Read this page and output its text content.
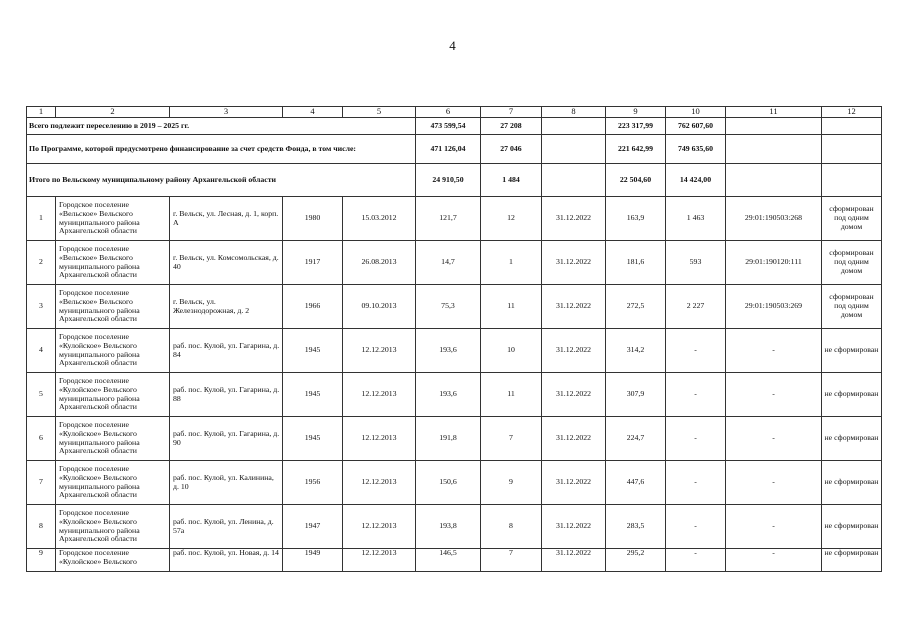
4
1	2	3	4	5	6	7	8	9	10	11	12
Всего подлежит переселению в 2019 – 2025 гг.					473 599,54	27 208		223 317,99	762 607,60		
По Программе, которой предусмотрено финансирование за счет средств Фонда, в том числе:					471 126,04	27 046		221 642,99	749 635,60		
Итого по Вельскому муниципальному району Архангельской области					24 910,50	1 484		22 504,60	14 424,00		
1	Городское поселение «Вельское» Вельского муниципального района Архангельской области	г. Вельск, ул. Лесная, д. 1, корп. А	1980	15.03.2012	121,7	12	31.12.2022	163,9	1 463	29:01:190503:268	сформирован под одним домом
2	Городское поселение «Вельское» Вельского муниципального района Архангельской области	г. Вельск, ул. Комсомольская, д. 40	1917	26.08.2013	14,7	1	31.12.2022	181,6	593	29:01:190120:111	сформирован под одним домом
3	Городское поселение «Вельское» Вельского муниципального района Архангельской области	г. Вельск, ул. Железнодорожная, д. 2	1966	09.10.2013	75,3	11	31.12.2022	272,5	2 227	29:01:190503:269	сформирован под одним домом
4	Городское поселение «Кулойское» Вельского муниципального района Архангельской области	раб. пос. Кулой, ул. Гагарина, д. 84	1945	12.12.2013	193,6	10	31.12.2022	314,2	-	-	не сформирован
5	Городское поселение «Кулойское» Вельского муниципального района Архангельской области	раб. пос. Кулой, ул. Гагарина, д. 88	1945	12.12.2013	193,6	11	31.12.2022	307,9	-	-	не сформирован
6	Городское поселение «Кулойское» Вельского муниципального района Архангельской области	раб. пос. Кулой, ул. Гагарина, д. 90	1945	12.12.2013	191,8	7	31.12.2022	224,7	-	-	не сформирован
7	Городское поселение «Кулойское» Вельского муниципального района Архангельской области	раб. пос. Кулой, ул. Калинина, д. 10	1956	12.12.2013	150,6	9	31.12.2022	447,6	-	-	не сформирован
8	Городское поселение «Кулойское» Вельского муниципального района Архангельской области	раб. пос. Кулой, ул. Ленина, д. 57а	1947	12.12.2013	193,8	8	31.12.2022	283,5	-	-	не сформирован
9	Городское поселение «Кулойское» Вельского	раб. пос. Кулой, ул. Новая, д. 14	1949	12.12.2013	146,5	7	31.12.2022	295,2	-	-	не сформирован
